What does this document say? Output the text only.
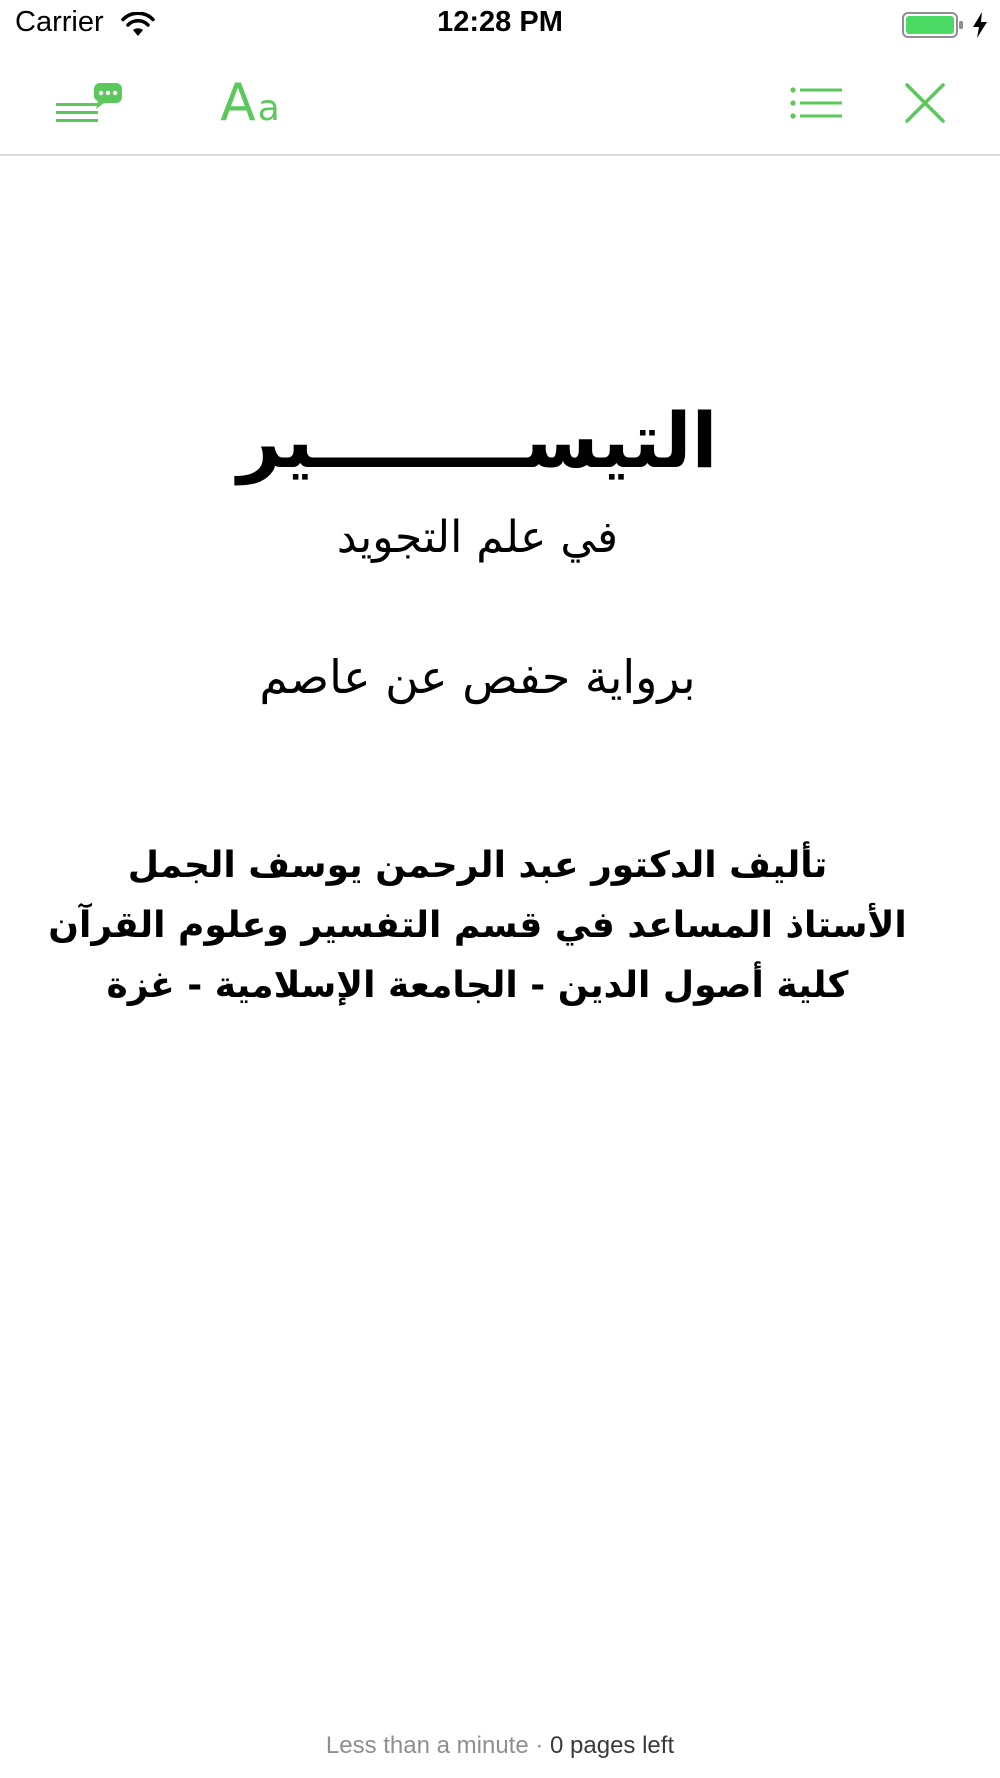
Carrier	12:28 PM
A a
التيســــــــير
في علم التجويد
برواية حفص عن عاصم
تأليف الدكتور عبد الرحمن يوسف الجمل
الأستاذ المساعد في قسم التفسير وعلوم القرآن
كلية أصول الدين - الجامعة الإسلامية - غزة
Less than a minute · 0 pages left
